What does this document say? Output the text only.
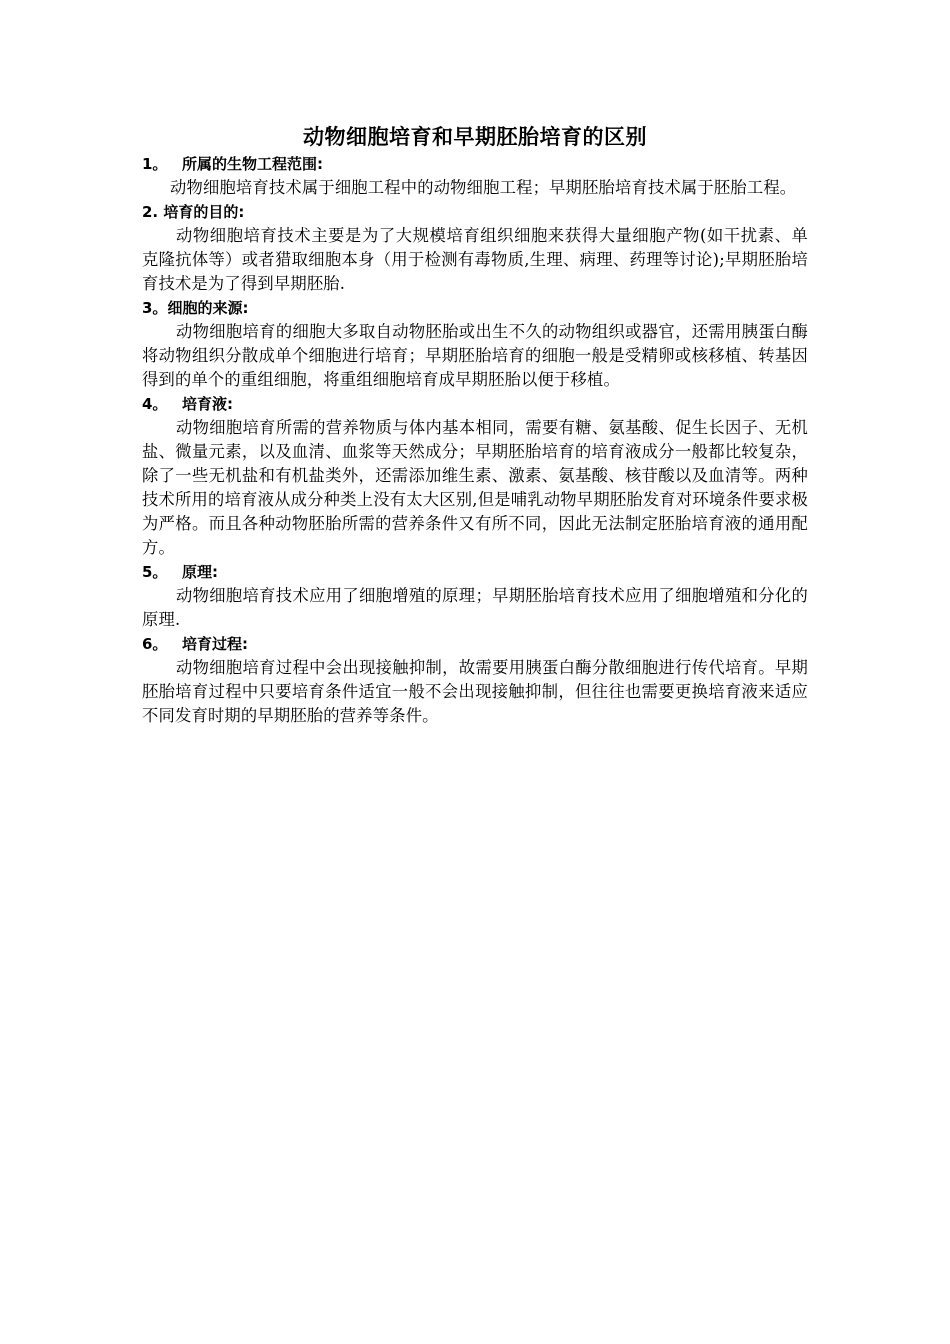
动物细胞培育和早期胚胎培育的区别

1。 所属的生物工程范围:

动物细胞培育技术属于细胞工程中的动物细胞工程；早期胚胎培育技术属于胚胎工程。

2. 培育的目的:

动物细胞培育技术主要是为了大规模培育组织细胞来获得大量细胞产物(如干扰素、单克隆抗体等）或者猎取细胞本身（用于检测有毒物质,生理、病理、药理等讨论);早期胚胎培育技术是为了得到早期胚胎.

3。细胞的来源:

动物细胞培育的细胞大多取自动物胚胎或出生不久的动物组织或器官，还需用胰蛋白酶将动物组织分散成单个细胞进行培育；早期胚胎培育的细胞一般是受精卵或核移植、转基因得到的单个的重组细胞，将重组细胞培育成早期胚胎以便于移植。

4。 培育液:

动物细胞培育所需的营养物质与体内基本相同，需要有糖、氨基酸、促生长因子、无机盐、微量元素，以及血清、血浆等天然成分；早期胚胎培育的培育液成分一般都比较复杂，除了一些无机盐和有机盐类外，还需添加维生素、激素、氨基酸、核苷酸以及血清等。两种技术所用的培育液从成分种类上没有太大区别,但是哺乳动物早期胚胎发育对环境条件要求极为严格。而且各种动物胚胎所需的营养条件又有所不同，因此无法制定胚胎培育液的通用配方。

5。 原理:

动物细胞培育技术应用了细胞增殖的原理；早期胚胎培育技术应用了细胞增殖和分化的原理.

6。 培育过程:

动物细胞培育过程中会出现接触抑制，故需要用胰蛋白酶分散细胞进行传代培育。早期胚胎培育过程中只要培育条件适宜一般不会出现接触抑制，但往往也需要更换培育液来适应不同发育时期的早期胚胎的营养等条件。
